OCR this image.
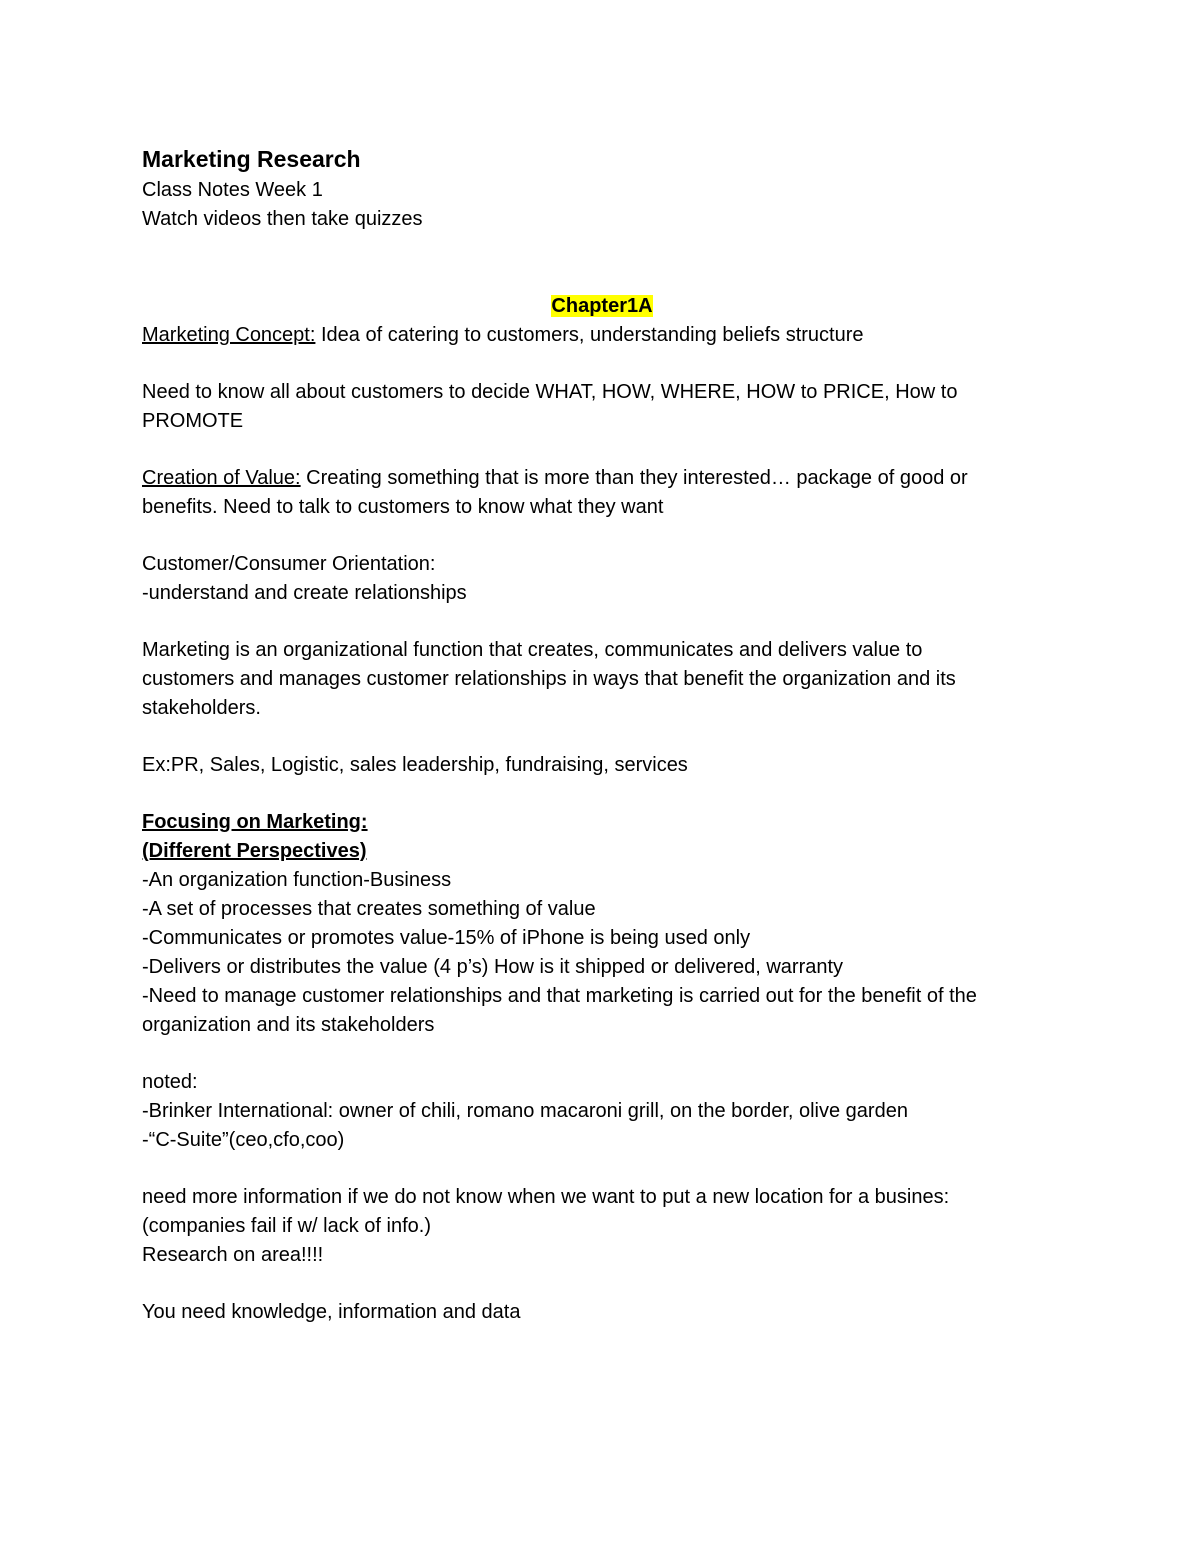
Marketing Research

Class Notes Week 1

Watch videos then take quizzes

Chapter1A

Marketing Concept: Idea of catering to customers, understanding beliefs structure

Need to know all about customers to decide WHAT, HOW, WHERE, HOW to PRICE, How to

PROMOTE

Creation of Value: Creating something that is more than they interested… package of good or

benefits. Need to talk to customers to know what they want

Customer/Consumer Orientation:

-understand and create relationships

Marketing is an organizational function that creates, communicates and delivers value to

customers and manages customer relationships in ways that benefit the organization and its

stakeholders.

Ex:PR, Sales, Logistic, sales leadership, fundraising, services

Focusing on Marketing:

(Different Perspectives)

-An organization function-Business

-A set of processes that creates something of value

-Communicates or promotes value-15% of iPhone is being used only

-Delivers or distributes the value (4 p’s) How is it shipped or delivered, warranty

-Need to manage customer relationships and that marketing is carried out for the benefit of the

organization and its stakeholders

noted:

-Brinker International: owner of chili, romano macaroni grill, on the border, olive garden

-“C-Suite”(ceo,cfo,coo)

need more information if we do not know when we want to put a new location for a busines:

(companies fail if w/ lack of info.)

Research on area!!!!

You need knowledge, information and data
